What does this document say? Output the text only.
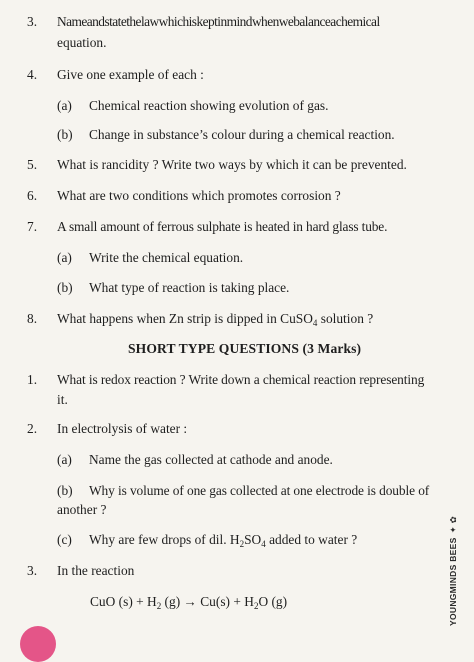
3. Nameandstatethelawwhichiskeptinmindwhenwebalanceachemical
equation.
4. Give one example of each :
(a) Chemical reaction showing evolution of gas.
(b) Change in substance’s colour during a chemical reaction.
5. What is rancidity ? Write two ways by which it can be prevented.
6. What are two conditions which promotes corrosion ?
7. A small amount of ferrous sulphate is heated in hard glass tube.
(a) Write the chemical equation.
(b) What type of reaction is taking place.
8. What happens when Zn strip is dipped in CuSO$_4$ solution ?
SHORT TYPE QUESTIONS (3 Marks)
1. What is redox reaction ? Write down a chemical reaction representing
it.
2. In electrolysis of water :
(a) Name the gas collected at cathode and anode.
(b) Why is volume of one gas collected at one electrode is double of
another ?
(c) Why are few drops of dil. $H_2SO_4$ added to water ?
3. In the reaction
CuO $(s) + H_2$ $(g) \to Cu(s) + H_2O$ (g)	YOUNGMINDS BEES✦ ✿
